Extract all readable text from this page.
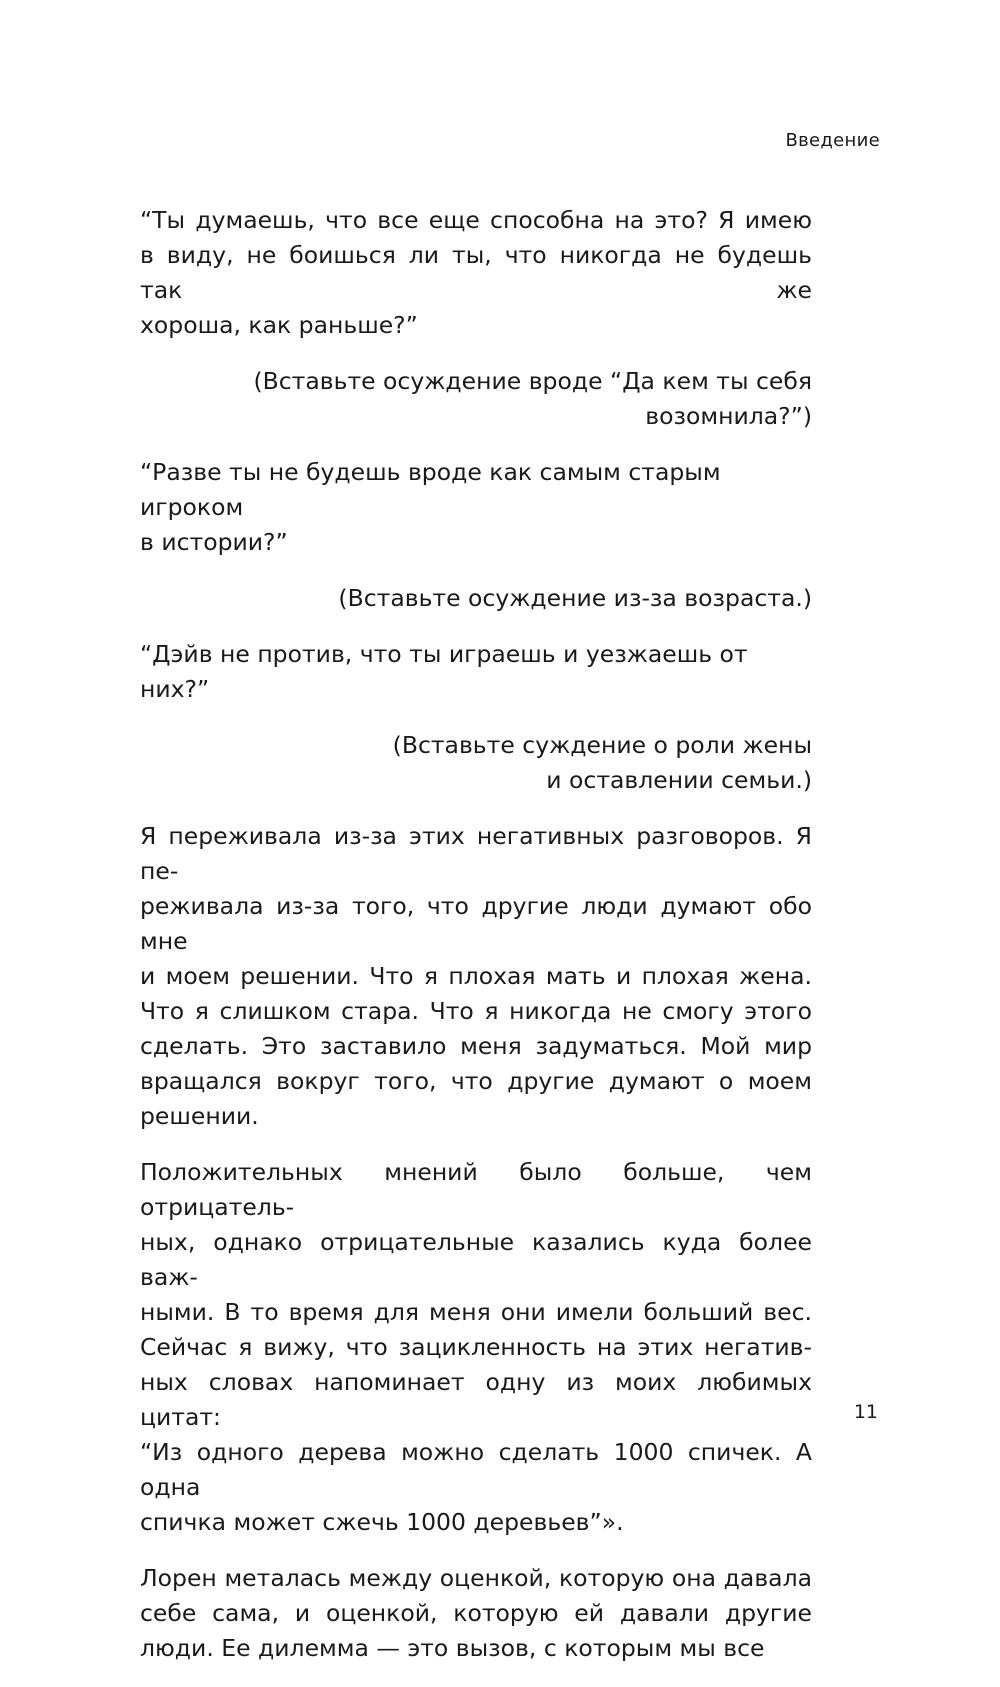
Введение
“Ты думаешь, что все еще способна на это? Я имею
в виду, не боишься ли ты, что никогда не будешь так же
хороша, как раньше?”
(Вставьте осуждение вроде “Да кем ты себя
возомнила?”)
“Разве ты не будешь вроде как самым старым игроком
в истории?”
(Вставьте осуждение из-за возраста.)
“Дэйв не против, что ты играешь и уезжаешь от них?”
(Вставьте суждение о роли жены
и оставлении семьи.)
Я переживала из-за этих негативных разговоров. Я пе-
реживала из-за того, что другие люди думают обо мне
и моем решении. Что я плохая мать и плохая жена.
Что я слишком стара. Что я никогда не смогу этого
сделать. Это заставило меня задуматься. Мой мир
вращался вокруг того, что другие думают о моем
решении.
Положительных мнений было больше, чем отрицатель-
ных, однако отрицательные казались куда более важ-
ными. В то время для меня они имели больший вес.
Сейчас я вижу, что зацикленность на этих негатив-
ных словах напоминает одну из моих любимых цитат:
“Из одного дерева можно сделать 1000 спичек. А одна
спичка может сжечь 1000 деревьев”».
Лорен металась между оценкой, которую она давала
себе сама, и оценкой, которую ей давали другие
люди. Ее дилемма — это вызов, с которым мы все
11
